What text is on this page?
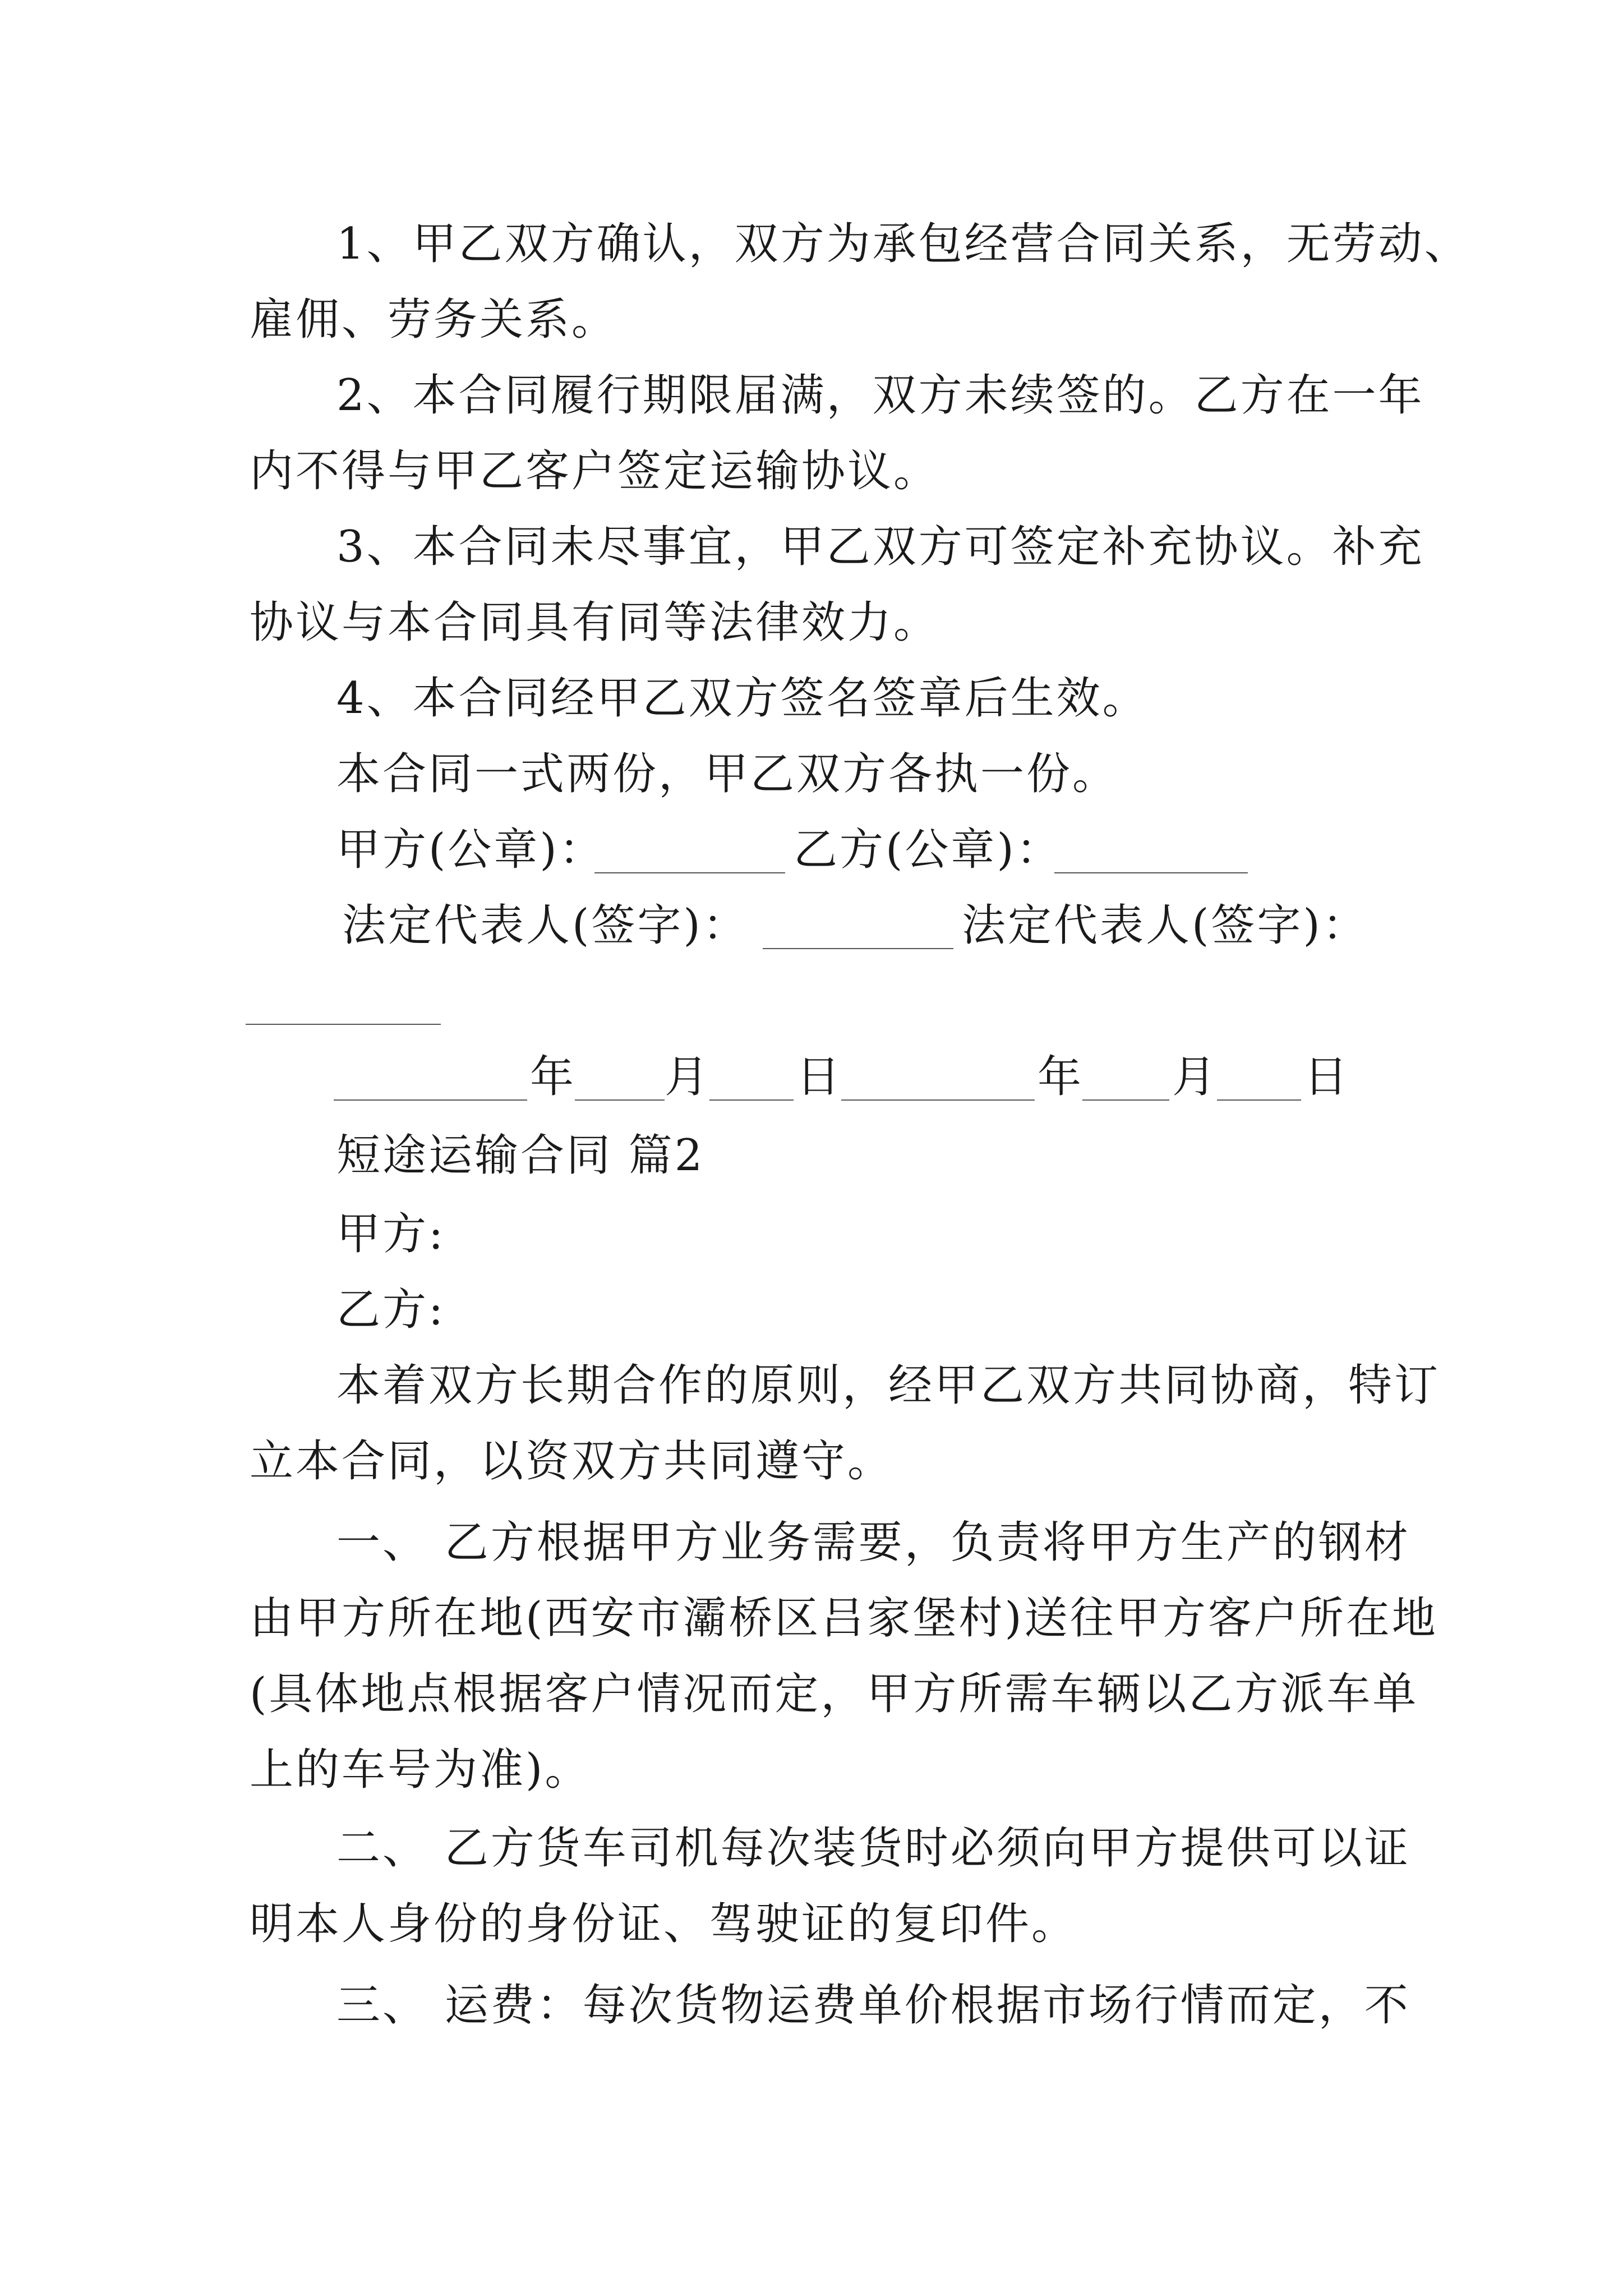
1、甲乙双方确认，双方为承包经营合同关系，无劳动、
雇佣、劳务关系。
2、本合同履行期限届满，双方未续签的。乙方在一年
内不得与甲乙客户签定运输协议。
3、本合同未尽事宜，甲乙双方可签定补充协议。补充
协议与本合同具有同等法律效力。
4、本合同经甲乙双方签名签章后生效。
本合同一式两份，甲乙双方各执一份。
甲方(公章)：	乙方(公章)：
法定代表人(签字)：	法定代表人(签字)：
年 月 日	年 月 日
短途运输合同 篇2
甲方:
乙方:
本着双方长期合作的原则，经甲乙双方共同协商，特订
立本合同，以资双方共同遵守。
一、 乙方根据甲方业务需要，负责将甲方生产的钢材
由甲方所在地(西安市灞桥区吕家堡村)送往甲方客户所在地
(具体地点根据客户情况而定，甲方所需车辆以乙方派车单
上的车号为准)。
二、 乙方货车司机每次装货时必须向甲方提供可以证
明本人身份的身份证、驾驶证的复印件。
三、 运费：每次货物运费单价根据市场行情而定，不
